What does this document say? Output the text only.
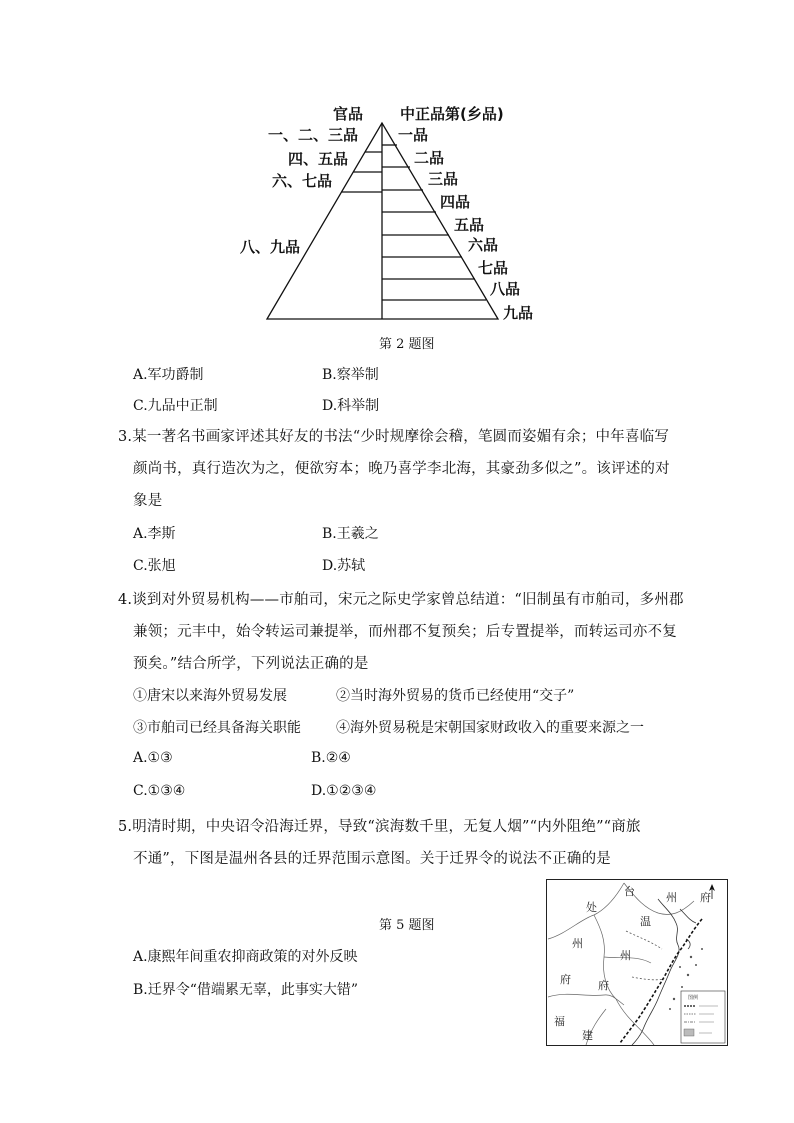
官品 中正品第(乡品)
一、二、三品
四、五品
六、七品
八、九品
一品
二品
三品
四品
五品
六品
七品
八品
九品
第 2 题图
A.军功爵制	B.察举制
C.九品中正制	D.科举制
3.某一著名书画家评述其好友的书法“少时规摩徐会稽，笔圆而姿媚有余；中年喜临写
颜尚书，真行造次为之，便欲穷本；晚乃喜学李北海，其豪劲多似之”。该评述的对
象是
A.李斯	B.王羲之
C.张旭	D.苏轼
4.谈到对外贸易机构——市舶司，宋元之际史学家曾总结道：“旧制虽有市舶司，多州郡
兼领；元丰中，始令转运司兼提举，而州郡不复预矣；后专置提举，而转运司亦不复
预矣。”结合所学，下列说法正确的是
①唐宋以来海外贸易发展	②当时海外贸易的货币已经使用“交子”
③市舶司已经具备海关职能	④海外贸易税是宋朝国家财政收入的重要来源之一
A.①③	B.②④
C.①③④	D.①②③④
5.明清时期，中央诏令沿海迁界，导致“滨海数千里，无复人烟”“内外阻绝”“商旅
不通”，下图是温州各县的迁界范围示意图。关于迁界令的说法不正确的是
第 5 题图
A.康熙年间重农抑商政策的对外反映
B.迁界令“借端累无辜，此事实大错”
台	州 府
处
州
府
温
州
府
福
建
图例
